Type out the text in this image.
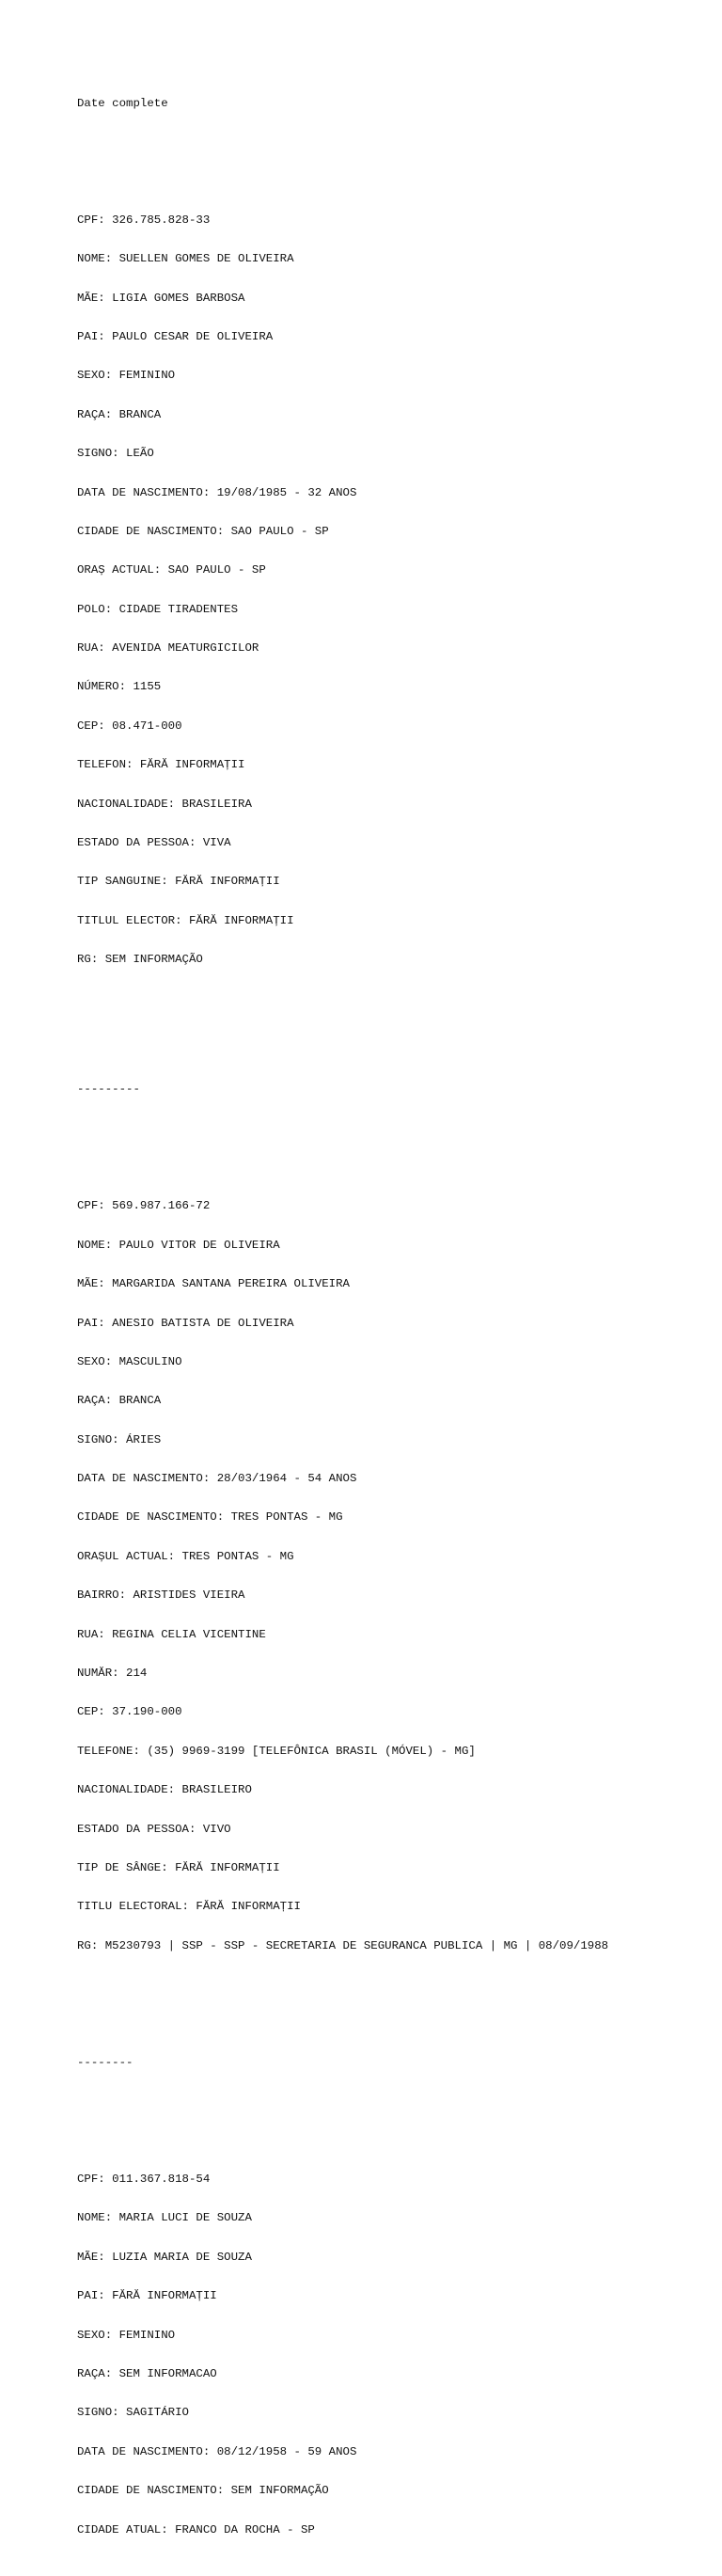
Date complete

CPF: 326.785.828-33

NOME: SUELLEN GOMES DE OLIVEIRA

MÃE: LIGIA GOMES BARBOSA

PAI: PAULO CESAR DE OLIVEIRA

SEXO: FEMININO

RAÇA: BRANCA

SIGNO: LEÃO

DATA DE NASCIMENTO: 19/08/1985 - 32 ANOS

CIDADE DE NASCIMENTO: SAO PAULO - SP

ORAȘ ACTUAL: SAO PAULO - SP

POLO: CIDADE TIRADENTES

RUA: AVENIDA MEATURGICILOR

NÚMERO: 1155

CEP: 08.471-000

TELEFON: FĂRĂ INFORMAȚII

NACIONALIDADE: BRASILEIRA

ESTADO DA PESSOA: VIVA

TIP SANGUINE: FĂRĂ INFORMAȚII

TITLUL ELECTOR: FĂRĂ INFORMAȚII

RG: SEM INFORMAÇÃO

---------

CPF: 569.987.166-72

NOME: PAULO VITOR DE OLIVEIRA

MÃE: MARGARIDA SANTANA PEREIRA OLIVEIRA

PAI: ANESIO BATISTA DE OLIVEIRA

SEXO: MASCULINO

RAÇA: BRANCA

SIGNO: ÁRIES

DATA DE NASCIMENTO: 28/03/1964 - 54 ANOS

CIDADE DE NASCIMENTO: TRES PONTAS - MG

ORAȘUL ACTUAL: TRES PONTAS - MG

BAIRRO: ARISTIDES VIEIRA

RUA: REGINA CELIA VICENTINE

NUMĂR: 214

CEP: 37.190-000

TELEFONE: (35) 9969-3199 [TELEFÔNICA BRASIL (MÓVEL) - MG]

NACIONALIDADE: BRASILEIRO

ESTADO DA PESSOA: VIVO

TIP DE SÂNGE: FĂRĂ INFORMAȚII

TITLU ELECTORAL: FĂRĂ INFORMAȚII

RG: M5230793 | SSP - SSP - SECRETARIA DE SEGURANCA PUBLICA | MG | 08/09/1988

--------

CPF: 011.367.818-54

NOME: MARIA LUCI DE SOUZA

MÃE: LUZIA MARIA DE SOUZA

PAI: FĂRĂ INFORMAȚII

SEXO: FEMININO

RAÇA: SEM INFORMACAO

SIGNO: SAGITÁRIO

DATA DE NASCIMENTO: 08/12/1958 - 59 ANOS

CIDADE DE NASCIMENTO: SEM INFORMAÇÃO

CIDADE ATUAL: FRANCO DA ROCHA - SP
